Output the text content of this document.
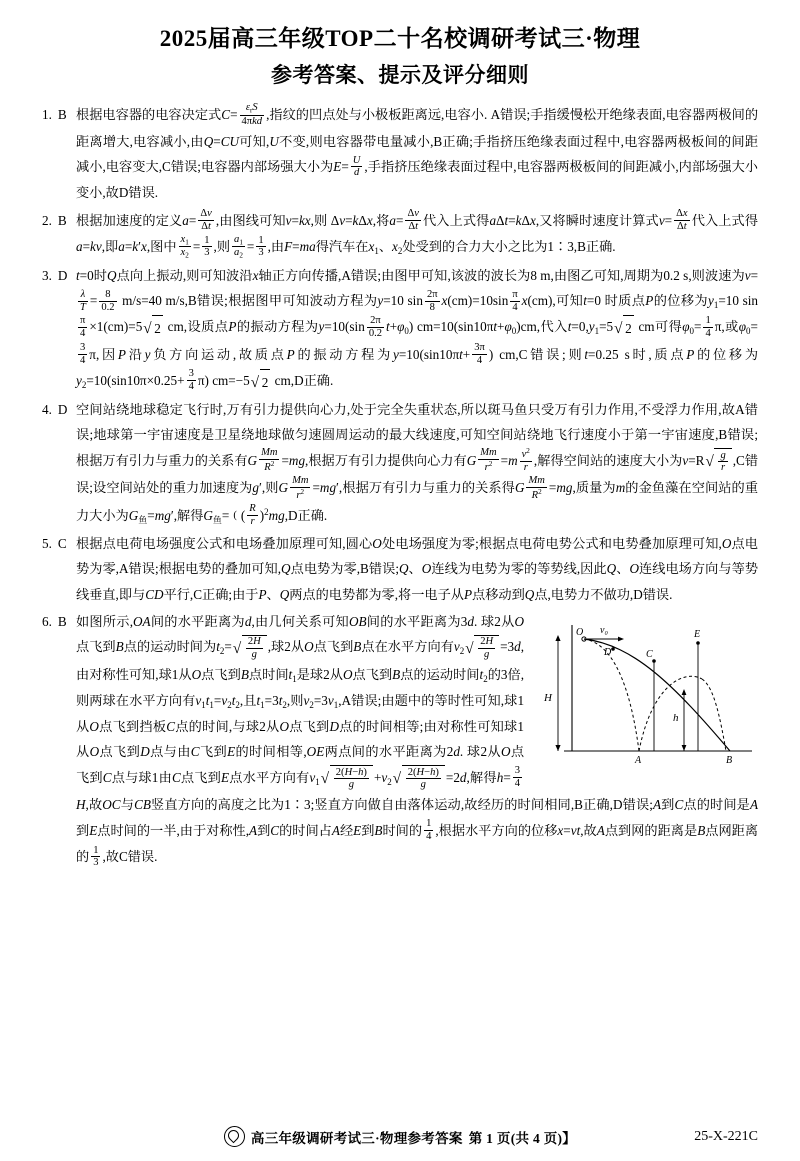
2025届高三年级TOP二十名校调研考试三·物理
参考答案、提示及评分细则
1. B 根据电容器的电容决定式$C= \frac{\varepsilon_rS}{\text{4πkd}}$ ,指纹的凹点处与小极板距离远,电容小. A错误;手指缓慢松开绝缘表面,电容器两极间的距离增大,电容减小,由Q=CU可知,U不变,则电容器带电量减小,B正确;手指挤压绝缘表面过程中,电容器两极板间的间距减小,电容变大,C错误;电容器内部场强大小为$E= \frac{U}{d}$ ,手指挤压绝缘表面过程中,电容器两极板间的间距减小,内部场强大小变小,故D错误.
2. B 根据加速度的定义$a= \frac{\Delta v}{\Delta t}$ ,由图线可知v=kx,则 Δv=kΔx,将$a= \frac{\Delta v}{\Delta t}$ 代入上式得aΔt=kΔx,又将瞬时速度计算式$v= \frac{\Delta x}{\Delta t}$ 代入上式得a=kv,即a=k′x,图中 $\frac{x_1}{x_2} = \frac{1}{3}$ ,则 $\frac{a_1}{a_2} = \frac{1}{3}$ ,由F=ma得汽车在$x_1$、$x_2$处受到的合力大小之比为1∶3,B正确.
3. D t=0时Q点向上振动,则可知波沿x轴正方向传播,A错误;由图甲可知,该波的波长为8 m,由图乙可知,周期为0.2 s,则波速为v=
$\frac{\lambda}{T} = \frac{8}{0.2} m/s=40$ m/s,B错误;根据图甲可知波动方程为y=10 $\sin \frac{2\pi}{8} x(cm)=10\sin \frac{\pi}{4} x(cm)$,可知t=0 时质点P的位移为$y_1=10$ sin
$\frac{\pi}{4} \times 1(cm)=5$ √ 2 cm,设质点P的振动方程为$y=10(\sin \frac{2\pi}{0.2} t+\varphi_0)$ $cm=10(\sin 10\pi t+\varphi_0)cm$,代入$t=0,y_1=5$ √ 2 cm可得$\varphi_0= \frac{1}{4} \pi$,或$\varphi_0=$
$\frac{3}{4} \pi$,因P沿y负方向运动,故质点P的振动方程为$y=10(\sin 10\pi t+ \frac{3\pi}{4}$ ) cm,C错误;则t=0.25 s时,质点P的位移为$y_2=10(\sin 10\pi\times 0.25+ \frac{3}{4} \pi)$ cm=−5 √ 2 cm,D正确.
4. D 空间站绕地球稳定飞行时,万有引力提供向心力,处于完全失重状态,所以斑马鱼只受万有引力作用,不受浮力作用,故A错误;地球第一宇宙速度是卫星绕地球做匀速圆周运动的最大线速度,可知空间站绕地飞行速度小于第一宇宙速度,B错误;根据万有引力与重力的关系有G $\frac{Mm}{R^2} =mg$,根据万有引力提供向心力有G $\frac{Mm}{r^2} =m \frac{v^2}{r}$ ,解得空间站的速度大小为v=R √ $\frac{g}{r} ,C$错误;设空间站处的重力加速度为g′,则G $\frac{Mm}{r^2} =mg'$,根据万有引力与重力的关系得G $\frac{Mm}{R^2} =mg$,质量为m的金鱼藻在空间站的重力大小为$G_鱼=mg'$,解得$G_鱼=$ ( ( $\frac{R}{r} )^2mg,D$正确.
5. C 根据点电荷电场强度公式和电场叠加原理可知,圆心O处电场强度为零;根据点电荷电势公式和电势叠加原理可知,O点电势为零,A错误;根据电势的叠加可知,Q点电势为零,B错误;Q、O连线为电势为零的等势线,因此Q、O连线电场方向与等势线垂直,即与CD平行,C正确;由于P、Q两点的电势都为零,将一电子从P点移动到Q点,电势力不做功,D错误.
6. B
H
O v₀
D	C
E
h
A	B
如图所示,OA间的水平距离为d,由几何关系可知OB间的水平距离为3d. 球2从O点飞到B点的运动时间为$t_2=$ √ $\frac{2H}{g}$ ,球2从O点飞到B点在水平方向有$v_2$ √ $\frac{2H}{g} =3d$,由对称性可知,球1从O点飞到B点时间$t_1$是球2从O点飞到B点的运动时间$t_2$的3倍,则两球在水平方向有$v_1t_1=v_2t_2$,且$t_1=3t_2$,则$v_2=3v_1,A$错误;由题中的等时性可知,球1从O点飞到挡板C点的时间,与球2从O点飞到D点的时间相等;由对称性可知球1从O点飞到D点与由C飞到E的时间相等,OE两点间的水平距离为2d. 球2从O点飞到C点与球1由C点飞到E点水平方向有$v_1$ √ $\frac{2(H-h)}{g} +v_2$ √ $\frac{2(H-h)}{g} =2d$,解得$h= \frac{3}{4}$
H,故OC与CB竖直方向的高度之比为1∶3;竖直方向做自由落体运动,故经历的时间相同,B正确,D错误;A到C点的时间是A到E点时间的一半,由于对称性,A到C的时间占A经E到B时间的 $\frac{1}{4}$ ,根据水平方向的位移x=vt,故A点到网的距离是B点网距离的 $\frac{1}{3}$ ,故C错误.
高三年级调研考试三·物理参考答案 第 1 页(共 4 页)】	25-X-221C
